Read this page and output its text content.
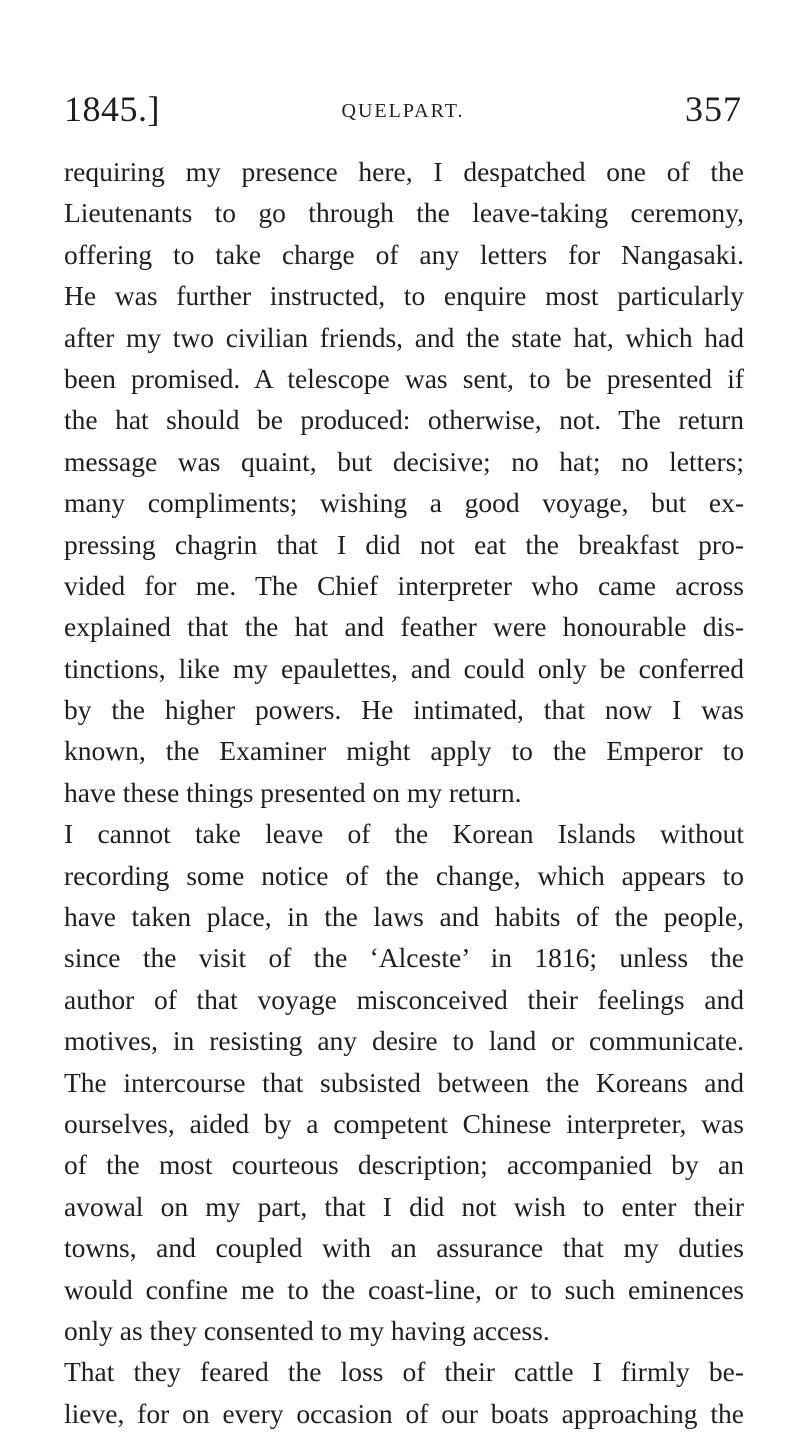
1845.]	QUELPART.	357
requiring my presence here, I despatched one of the
Lieutenants to go through the leave-taking ceremony,
offering to take charge of any letters for Nangasaki.
He was further instructed, to enquire most particularly
after my two civilian friends, and the state hat, which had
been promised. A telescope was sent, to be presented if
the hat should be produced: otherwise, not. The return
message was quaint, but decisive; no hat; no letters;
many compliments; wishing a good voyage, but ex-
pressing chagrin that I did not eat the breakfast pro-
vided for me. The Chief interpreter who came across
explained that the hat and feather were honourable dis-
tinctions, like my epaulettes, and could only be conferred
by the higher powers. He intimated, that now I was
known, the Examiner might apply to the Emperor to
have these things presented on my return.
I cannot take leave of the Korean Islands without
recording some notice of the change, which appears to
have taken place, in the laws and habits of the people,
since the visit of the ‘Alceste’ in 1816; unless the
author of that voyage misconceived their feelings and
motives, in resisting any desire to land or communicate.
The intercourse that subsisted between the Koreans and
ourselves, aided by a competent Chinese interpreter, was
of the most courteous description; accompanied by an
avowal on my part, that I did not wish to enter their
towns, and coupled with an assurance that my duties
would confine me to the coast-line, or to such eminences
only as they consented to my having access.
That they feared the loss of their cattle I firmly be-
lieve, for on every occasion of our boats approaching the
